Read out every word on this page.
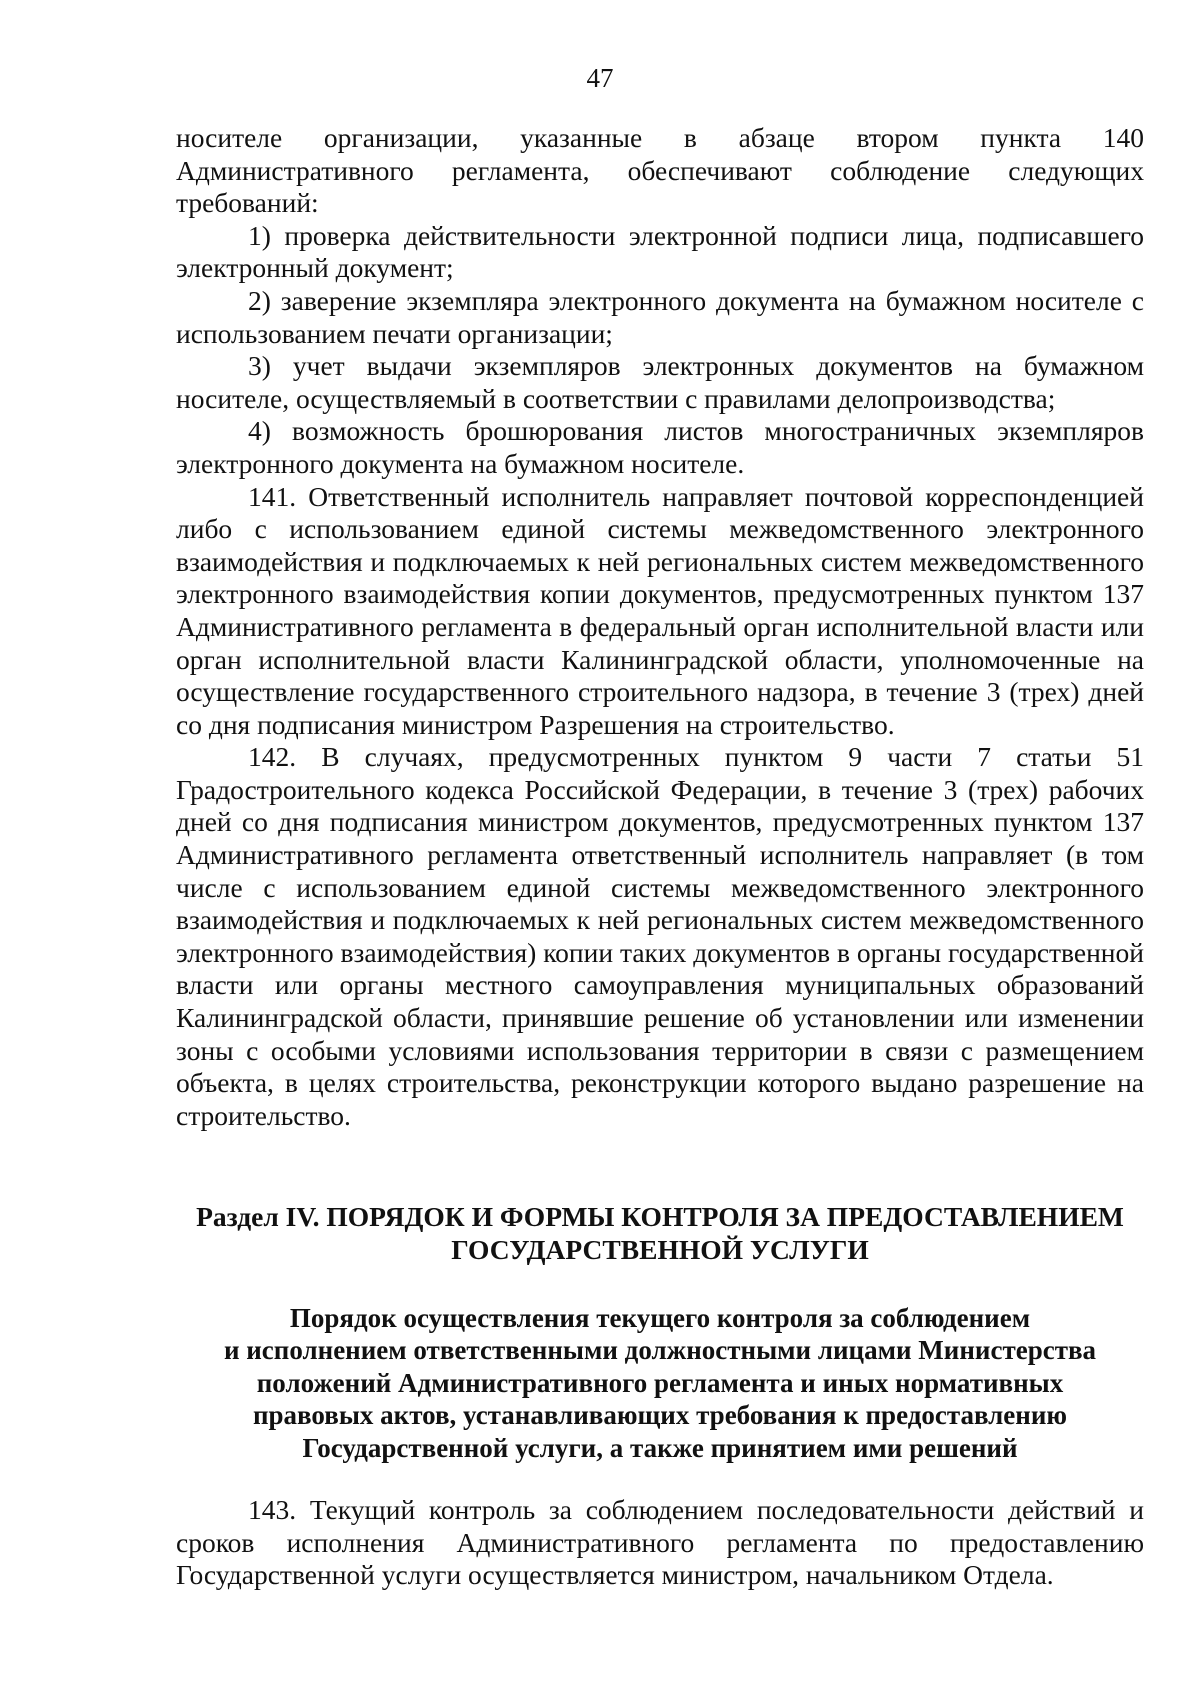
47

носителе организации, указанные в абзаце втором пункта 140 Административного регламента, обеспечивают соблюдение следующих требований:

1) проверка действительности электронной подписи лица, подписавшего электронный документ;

2) заверение экземпляра электронного документа на бумажном носителе с использованием печати организации;

3) учет выдачи экземпляров электронных документов на бумажном носителе, осуществляемый в соответствии с правилами делопроизводства;

4) возможность брошюрования листов многостраничных экземпляров электронного документа на бумажном носителе.

141. Ответственный исполнитель направляет почтовой корреспонденцией либо с использованием единой системы межведомственного электронного взаимодействия и подключаемых к ней региональных систем межведомственного электронного взаимодействия копии документов, предусмотренных пунктом 137 Административного регламента в федеральный орган исполнительной власти или орган исполнительной власти Калининградской области, уполномоченные на осуществление государственного строительного надзора, в течение 3 (трех) дней со дня подписания министром Разрешения на строительство.

142. В случаях, предусмотренных пунктом 9 части 7 статьи 51 Градостроительного кодекса Российской Федерации, в течение 3 (трех) рабочих дней со дня подписания министром документов, предусмотренных пунктом 137 Административного регламента ответственный исполнитель направляет (в том числе с использованием единой системы межведомственного электронного взаимодействия и подключаемых к ней региональных систем межведомственного электронного взаимодействия) копии таких документов в органы государственной власти или органы местного самоуправления муниципальных образований Калининградской области, принявшие решение об установлении или изменении зоны с особыми условиями использования территории в связи с размещением объекта, в целях строительства, реконструкции которого выдано разрешение на строительство.

Раздел IV. ПОРЯДОК И ФОРМЫ КОНТРОЛЯ ЗА ПРЕДОСТАВЛЕНИЕМ

ГОСУДАРСТВЕННОЙ УСЛУГИ

Порядок осуществления текущего контроля за соблюдением

и исполнением ответственными должностными лицами Министерства

положений Административного регламента и иных нормативных

правовых актов, устанавливающих требования к предоставлению

Государственной услуги, а также принятием ими решений

143. Текущий контроль за соблюдением последовательности действий и сроков исполнения Административного регламента по предоставлению Государственной услуги осуществляется министром, начальником Отдела.
